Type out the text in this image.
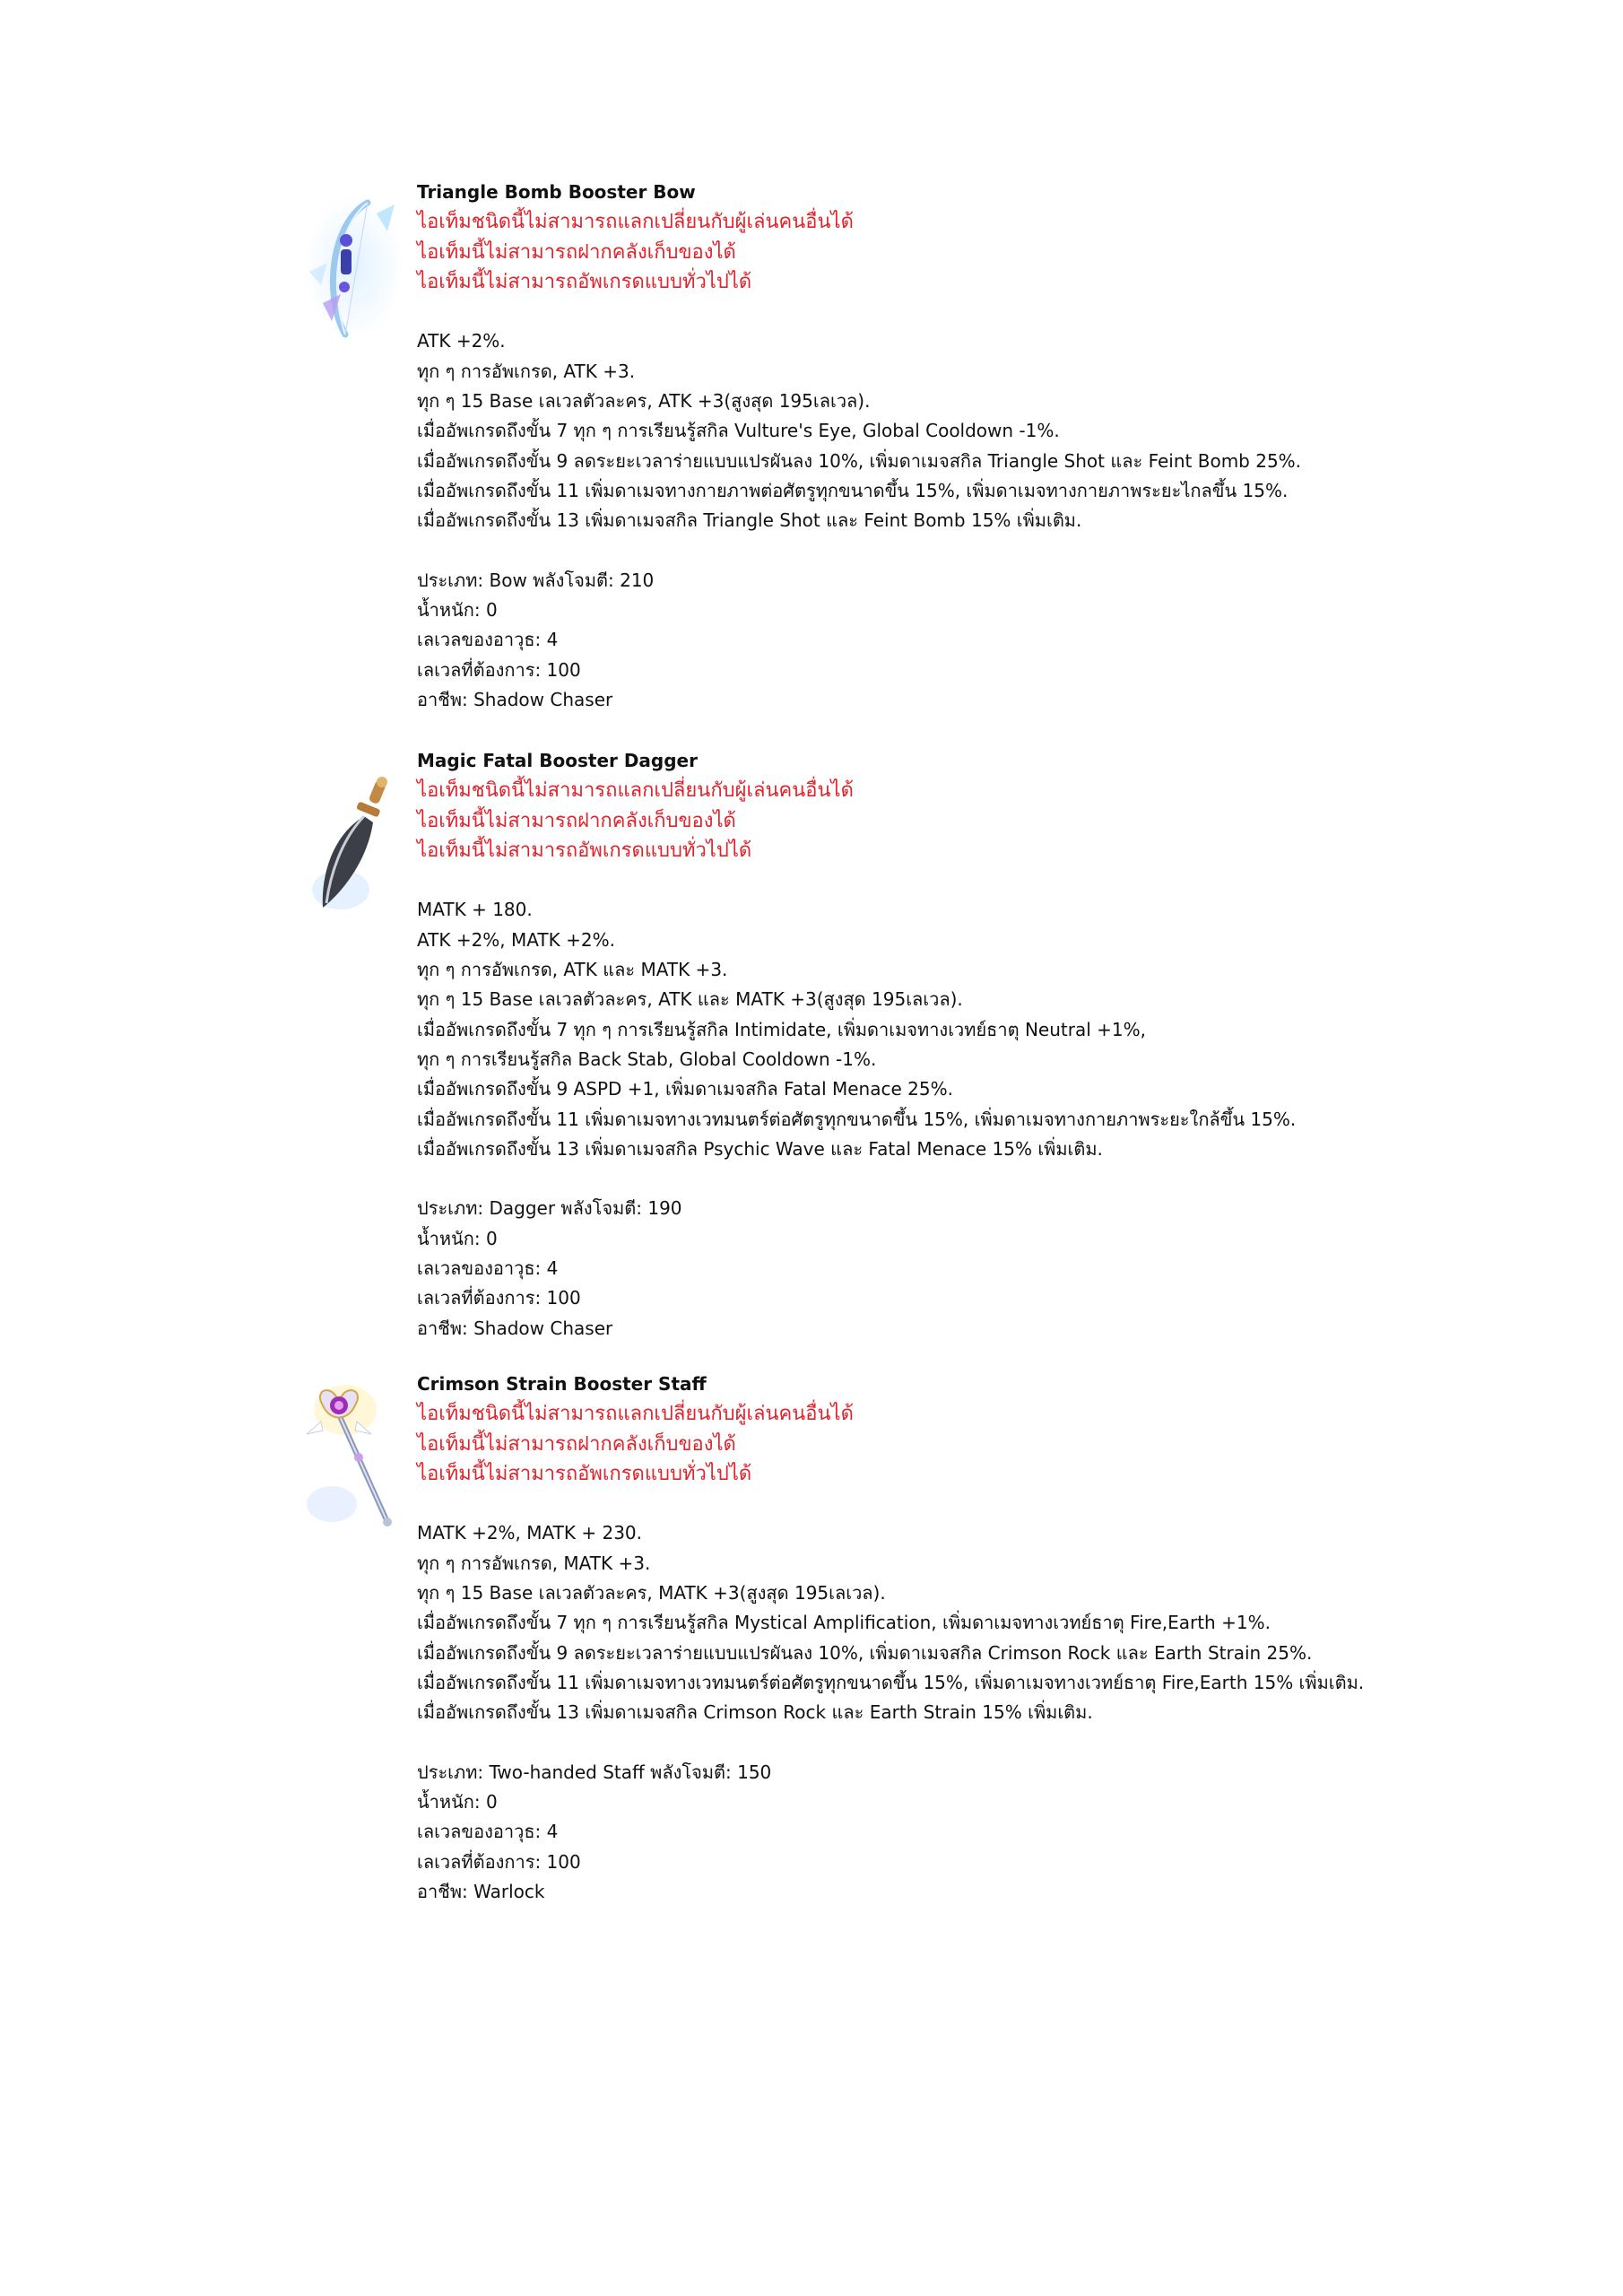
Triangle Bomb Booster Bow
ไอเท็มชนิดนี้ไม่สามารถแลกเปลี่ยนกับผู้เล่นคนอื่นได้
ไอเท็มนี้ไม่สามารถฝากคลังเก็บของได้
ไอเท็มนี้ไม่สามารถอัพเกรดแบบทั่วไปได้
ATK +2%.
ทุก ๆ การอัพเกรด, ATK +3.
ทุก ๆ 15 Base เลเวลตัวละคร, ATK +3(สูงสุด 195เลเวล).
เมื่ออัพเกรดถึงขั้น 7 ทุก ๆ การเรียนรู้สกิล Vulture's Eye, Global Cooldown -1%.
เมื่ออัพเกรดถึงขั้น 9 ลดระยะเวลาร่ายแบบแปรผันลง 10%, เพิ่มดาเมจสกิล Triangle Shot และ Feint Bomb 25%.
เมื่ออัพเกรดถึงขั้น 11 เพิ่มดาเมจทางกายภาพต่อศัตรูทุกขนาดขึ้น 15%, เพิ่มดาเมจทางกายภาพระยะไกลขึ้น 15%.
เมื่ออัพเกรดถึงขั้น 13 เพิ่มดาเมจสกิล Triangle Shot และ Feint Bomb 15% เพิ่มเติม.
ประเภท: Bow พลังโจมตี: 210
น้ำหนัก: 0
เลเวลของอาวุธ: 4
เลเวลที่ต้องการ: 100
อาชีพ: Shadow Chaser
Magic Fatal Booster Dagger
ไอเท็มชนิดนี้ไม่สามารถแลกเปลี่ยนกับผู้เล่นคนอื่นได้
ไอเท็มนี้ไม่สามารถฝากคลังเก็บของได้
ไอเท็มนี้ไม่สามารถอัพเกรดแบบทั่วไปได้
MATK + 180.
ATK +2%, MATK +2%.
ทุก ๆ การอัพเกรด, ATK และ MATK +3.
ทุก ๆ 15 Base เลเวลตัวละคร, ATK และ MATK +3(สูงสุด 195เลเวล).
เมื่ออัพเกรดถึงขั้น 7 ทุก ๆ การเรียนรู้สกิล Intimidate, เพิ่มดาเมจทางเวทย์ธาตุ Neutral +1%,
ทุก ๆ การเรียนรู้สกิล Back Stab, Global Cooldown -1%.
เมื่ออัพเกรดถึงขั้น 9 ASPD +1, เพิ่มดาเมจสกิล Fatal Menace 25%.
เมื่ออัพเกรดถึงขั้น 11 เพิ่มดาเมจทางเวทมนตร์ต่อศัตรูทุกขนาดขึ้น 15%, เพิ่มดาเมจทางกายภาพระยะใกล้ขึ้น 15%.
เมื่ออัพเกรดถึงขั้น 13 เพิ่มดาเมจสกิล Psychic Wave และ Fatal Menace 15% เพิ่มเติม.
ประเภท: Dagger พลังโจมตี: 190
น้ำหนัก: 0
เลเวลของอาวุธ: 4
เลเวลที่ต้องการ: 100
อาชีพ: Shadow Chaser
Crimson Strain Booster Staff
ไอเท็มชนิดนี้ไม่สามารถแลกเปลี่ยนกับผู้เล่นคนอื่นได้
ไอเท็มนี้ไม่สามารถฝากคลังเก็บของได้
ไอเท็มนี้ไม่สามารถอัพเกรดแบบทั่วไปได้
MATK +2%, MATK + 230.
ทุก ๆ การอัพเกรด, MATK +3.
ทุก ๆ 15 Base เลเวลตัวละคร, MATK +3(สูงสุด 195เลเวล).
เมื่ออัพเกรดถึงขั้น 7 ทุก ๆ การเรียนรู้สกิล Mystical Amplification, เพิ่มดาเมจทางเวทย์ธาตุ Fire,Earth +1%.
เมื่ออัพเกรดถึงขั้น 9 ลดระยะเวลาร่ายแบบแปรผันลง 10%, เพิ่มดาเมจสกิล Crimson Rock และ Earth Strain 25%.
เมื่ออัพเกรดถึงขั้น 11 เพิ่มดาเมจทางเวทมนตร์ต่อศัตรูทุกขนาดขึ้น 15%, เพิ่มดาเมจทางเวทย์ธาตุ Fire,Earth 15% เพิ่มเติม.
เมื่ออัพเกรดถึงขั้น 13 เพิ่มดาเมจสกิล Crimson Rock และ Earth Strain 15% เพิ่มเติม.
ประเภท: Two-handed Staff พลังโจมตี: 150
น้ำหนัก: 0
เลเวลของอาวุธ: 4
เลเวลที่ต้องการ: 100
อาชีพ: Warlock
